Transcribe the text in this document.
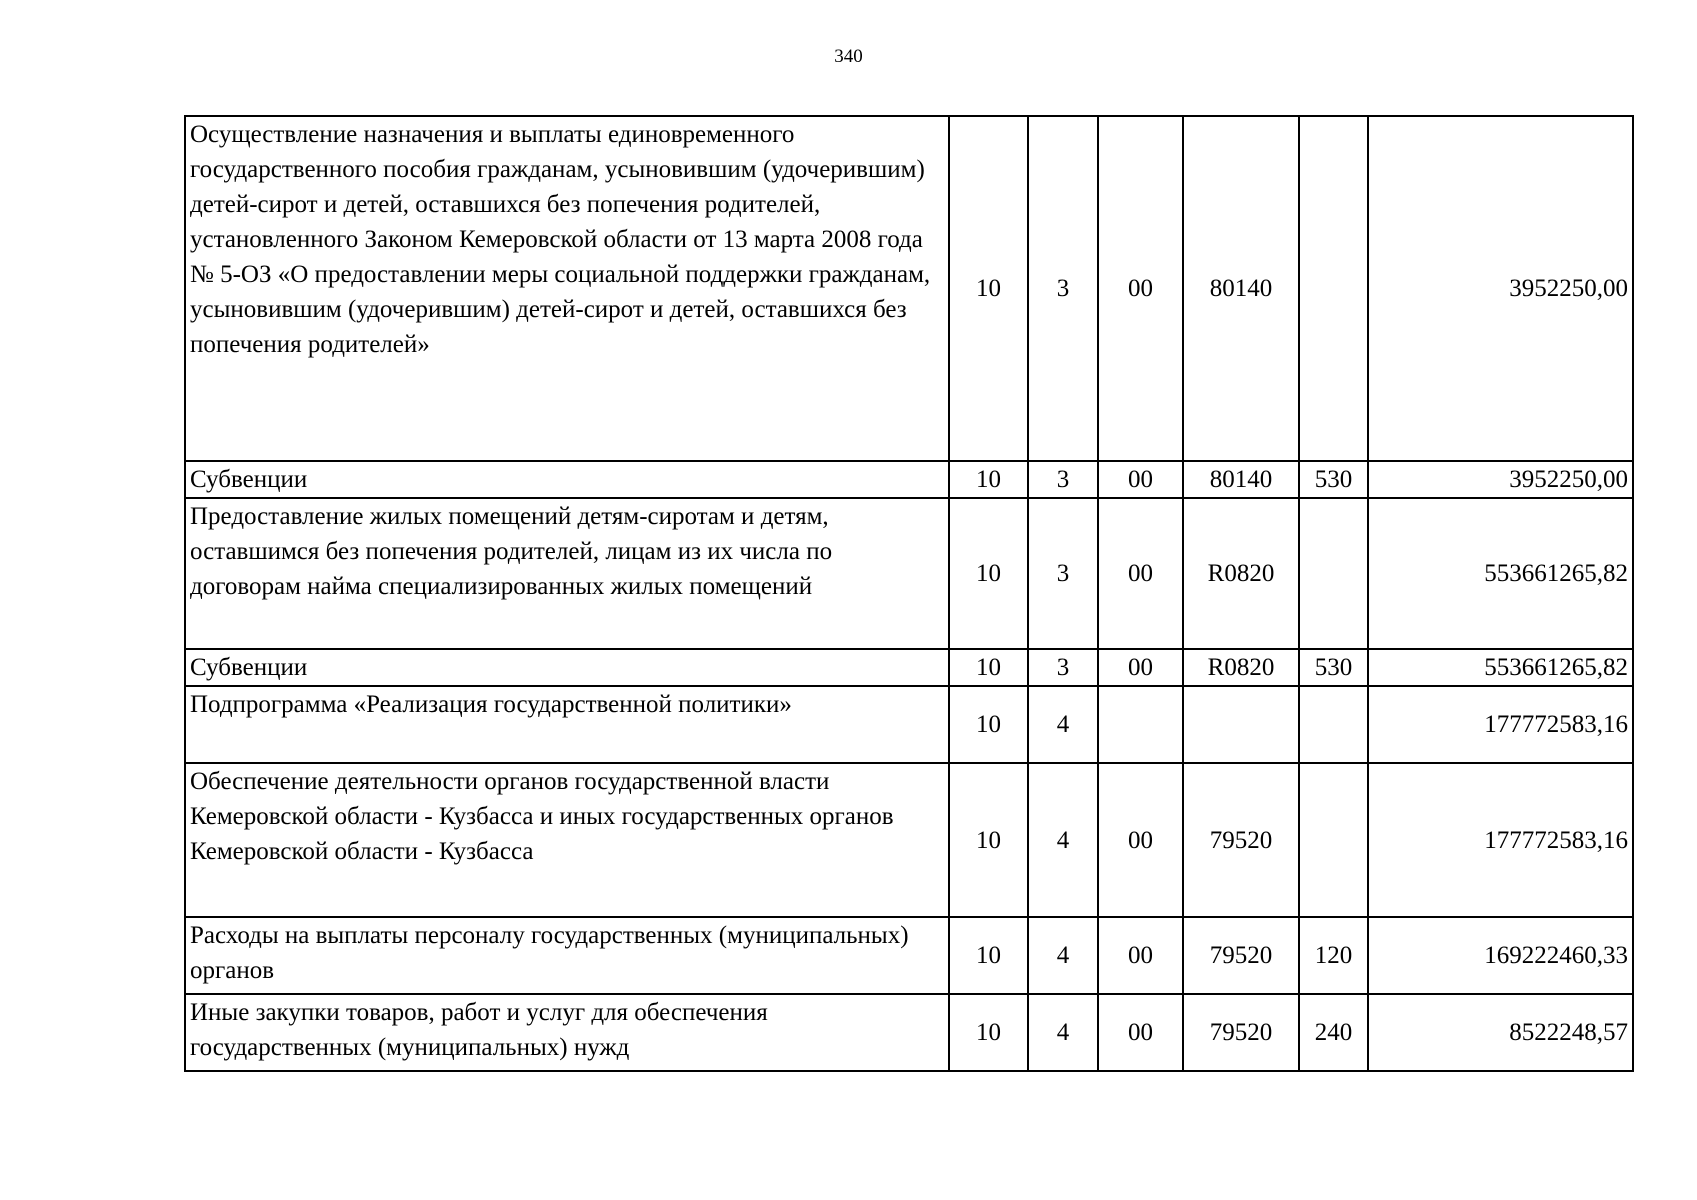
340
Осуществление назначения и выплаты единовременного государственного пособия гражданам, усыновившим (удочерившим) детей-сирот и детей, оставшихся без попечения родителей, установленного Законом Кемеровской области от 13 марта 2008 года № 5-ОЗ «О предоставлении меры социальной поддержки гражданам, усыновившим (удочерившим) детей-сирот и детей, оставшихся без попечения родителей»	10	3	00	80140		3952250,00
Субвенции	10	3	00	80140	530	3952250,00
Предоставление жилых помещений детям-сиротам и детям, оставшимся без попечения родителей, лицам из их числа по договорам найма специализированных жилых помещений	10	3	00	R0820		553661265,82
Субвенции	10	3	00	R0820	530	553661265,82
Подпрограмма «Реализация государственной политики»	10	4				177772583,16
Обеспечение деятельности органов государственной власти Кемеровской области - Кузбасса и иных государственных органов Кемеровской области - Кузбасса	10	4	00	79520		177772583,16
Расходы на выплаты персоналу государственных (муниципальных) органов	10	4	00	79520	120	169222460,33
Иные закупки товаров, работ и услуг для обеспечения государственных (муниципальных) нужд	10	4	00	79520	240	8522248,57
